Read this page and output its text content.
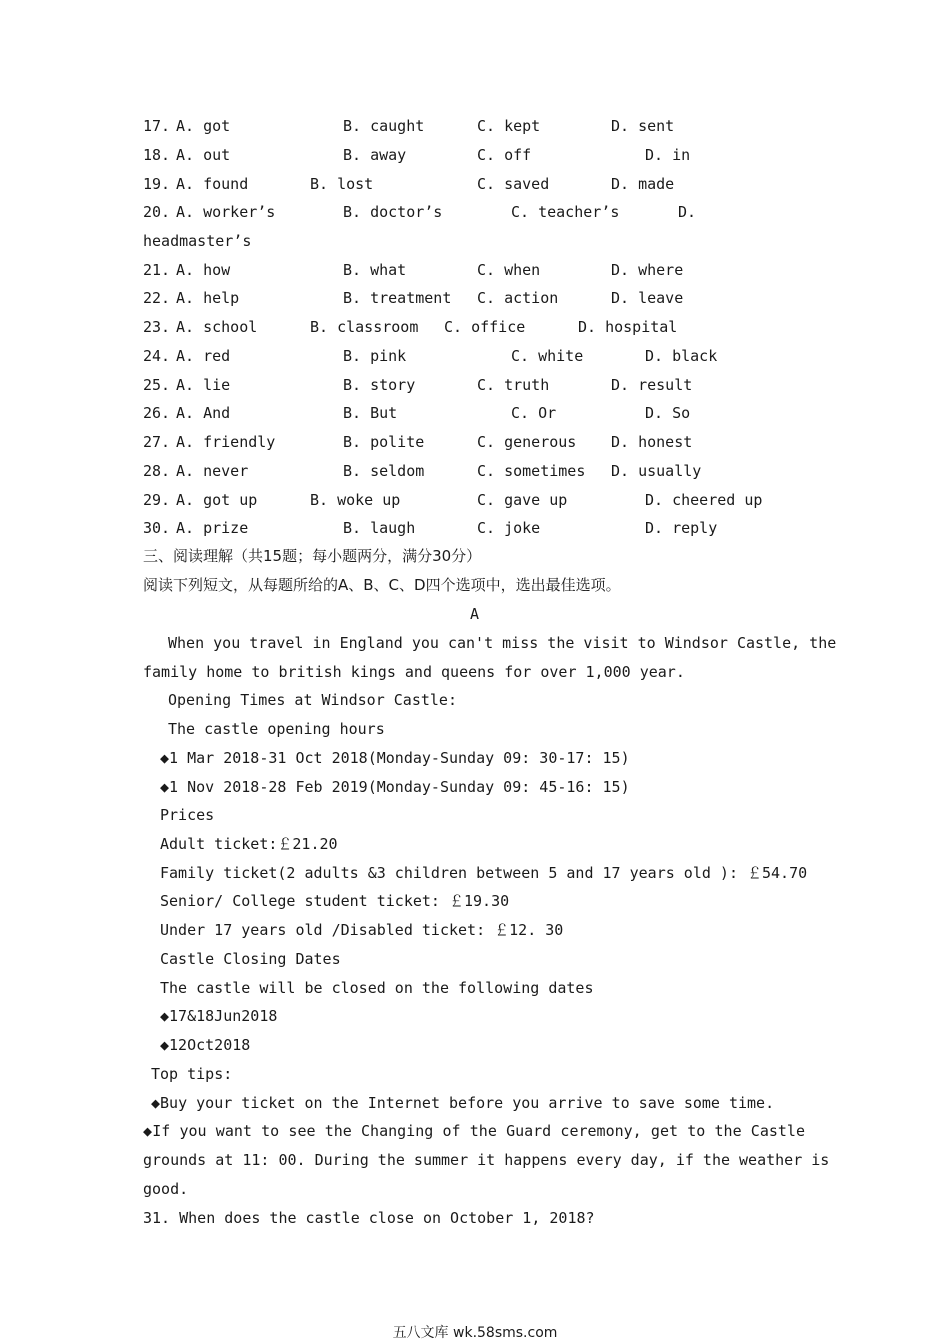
17. A. got	B. caught	C. kept	D. sent
18. A. out	B. away	C. off	D. in
19. A. found	B. lost	C. saved	D. made
20. A. worker’s	B. doctor’s	C. teacher’s	D.
headmaster’s
21. A. how	B. what	C. when	D. where
22. A. help	B. treatment C. action	D. leave
23. A. school	B. classroom C. office	D. hospital
24. A. red	B. pink	C. white	D. black
25. A. lie	B. story	C. truth	D. result
26. A. And	B. But	C. Or	D. So
27. A. friendly	B. polite	C. generous D. honest
28. A. never	B. seldom	C. sometimes D. usually
29. A. got up	B. woke up	C. gave up	D. cheered up
30. A. prize	B. laugh	C. joke	D. reply
三、阅读理解（共15题；每小题两分，满分30分）
阅读下列短文，从每题所给的A、B、C、D四个选项中，选出最佳选项。
A
When you travel in England you can't miss the visit to Windsor Castle, the
family home to british kings and queens for over 1,000 year.
Opening Times at Windsor Castle:
The castle opening hours
◆1 Mar 2018-31 Oct 2018(Monday-Sunday 09: 30-17: 15)
◆1 Nov 2018-28 Feb 2019(Monday-Sunday 09: 45-16: 15)
Prices
Adult ticket:￡21.20
Family ticket(2 adults &3 children between 5 and 17 years old ): ￡54.70
Senior/ College student ticket: ￡19.30
Under 17 years old /Disabled ticket: ￡12. 30
Castle Closing Dates
The castle will be closed on the following dates
◆17&18Jun2018
◆12Oct2018
Top tips:
◆Buy your ticket on the Internet before you arrive to save some time.
◆If you want to see the Changing of the Guard ceremony, get to the Castle
grounds at 11: 00. During the summer it happens every day, if the weather is
good.
31. When does the castle close on October 1, 2018?
五八文库 wk.58sms.com
